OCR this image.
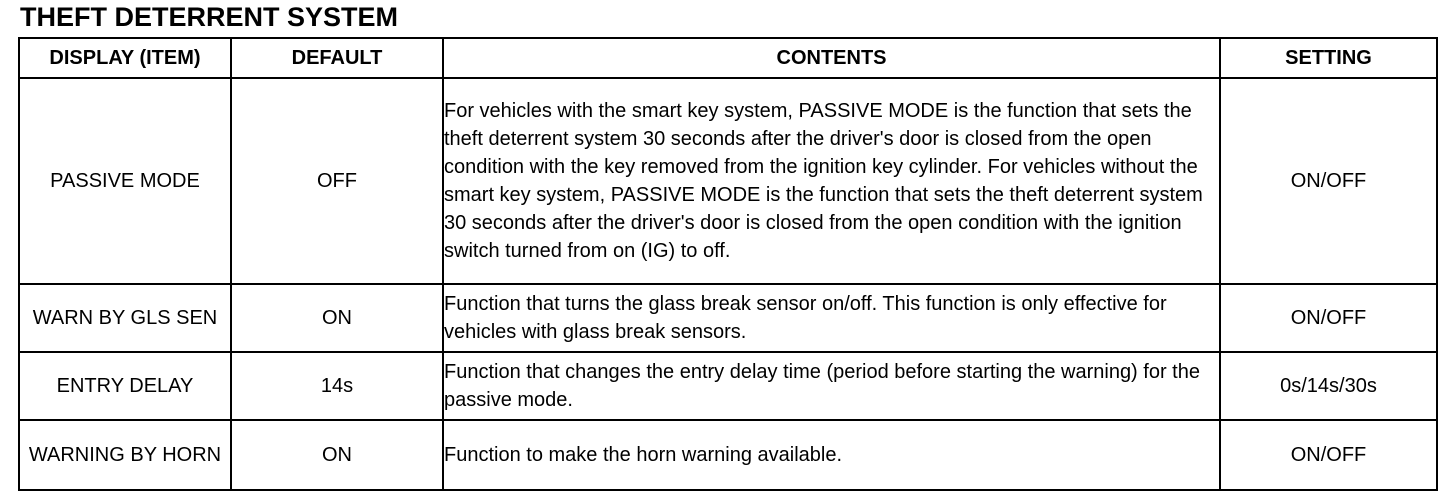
THEFT DETERRENT SYSTEM
DISPLAY (ITEM)	DEFAULT	CONTENTS	SETTING
PASSIVE MODE	OFF	For vehicles with the smart key system, PASSIVE MODE is the function that sets the theft deterrent system 30 seconds after the driver's door is closed from the open condition with the key removed from the ignition key cylinder. For vehicles without the smart key system, PASSIVE MODE is the function that sets the theft deterrent system 30 seconds after the driver's door is closed from the open condition with the ignition switch turned from on (IG) to off.	ON/OFF
WARN BY GLS SEN	ON	Function that turns the glass break sensor on/off. This function is only effective for vehicles with glass break sensors.	ON/OFF
ENTRY DELAY	14s	Function that changes the entry delay time (period before starting the warning) for the passive mode.	0s/14s/30s
WARNING BY HORN	ON	Function to make the horn warning available.	ON/OFF
